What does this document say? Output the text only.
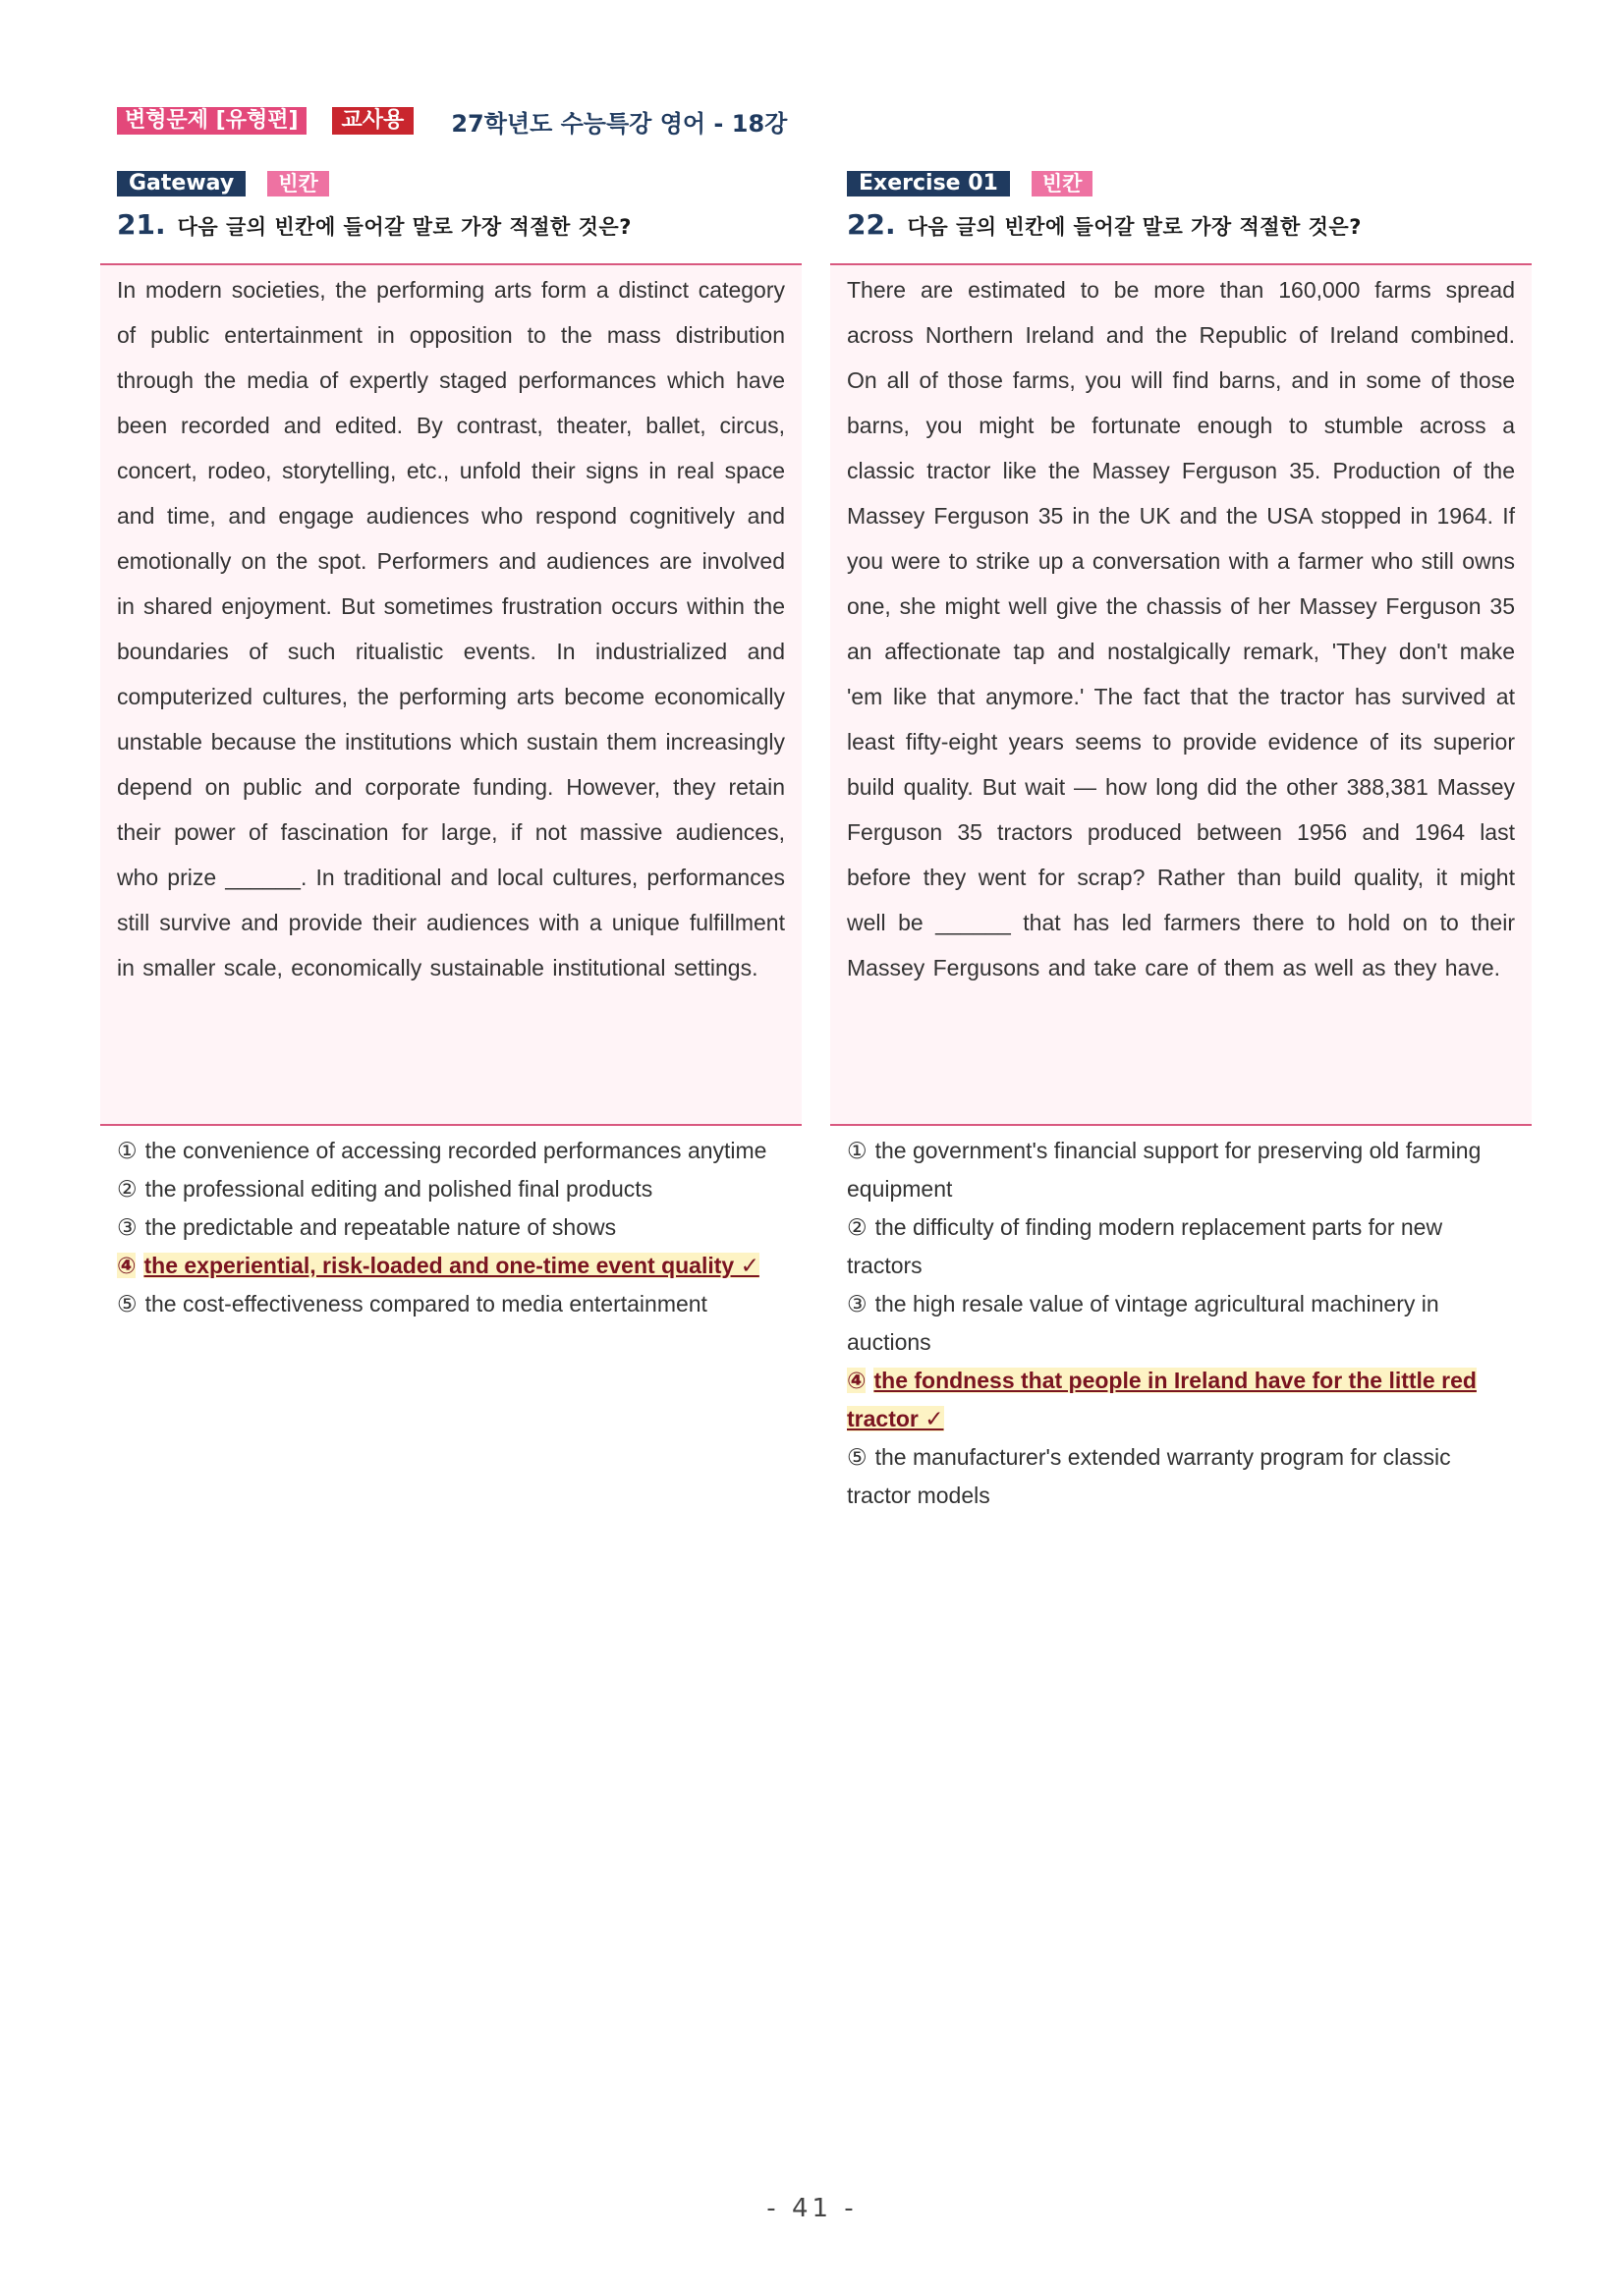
변형문제 [유형편]	교사용	27학년도 수능특강 영어 - 18강
Gateway	빈칸
21. 다음 글의 빈칸에 들어갈 말로 가장 적절한 것은?

In modern societies, the performing arts form a distinct category of public entertainment in opposition to the mass distribution through the media of expertly staged performances which have been recorded and edited. By contrast, theater, ballet, circus, concert, rodeo, storytelling, etc., unfold their signs in real space and time, and engage audiences who respond cognitively and emotionally on the spot. Performers and audiences are involved in shared enjoyment. But sometimes frustration occurs within the boundaries of such ritualistic events. In industrialized and computerized cultures, the performing arts become economically unstable because the institutions which sustain them increasingly depend on public and corporate funding. However, they retain their power of fascination for large, if not massive audiences, who prize ______. In traditional and local cultures, performances still survive and provide their audiences with a unique fulfillment in smaller scale, economically sustainable institutional settings.

① the convenience of accessing recorded performances anytime
② the professional editing and polished final products
③ the predictable and repeatable nature of shows
④ the experiential, risk-loaded and one-time event quality ✓
⑤ the cost-effectiveness compared to media entertainment
Exercise 01	빈칸
22. 다음 글의 빈칸에 들어갈 말로 가장 적절한 것은?

There are estimated to be more than 160,000 farms spread across Northern Ireland and the Republic of Ireland combined. On all of those farms, you will find barns, and in some of those barns, you might be fortunate enough to stumble across a classic tractor like the Massey Ferguson 35. Production of the Massey Ferguson 35 in the UK and the USA stopped in 1964. If you were to strike up a conversation with a farmer who still owns one, she might well give the chassis of her Massey Ferguson 35 an affectionate tap and nostalgically remark, 'They don't make 'em like that anymore.' The fact that the tractor has survived at least fifty-eight years seems to provide evidence of its superior build quality. But wait — how long did the other 388,381 Massey Ferguson 35 tractors produced between 1956 and 1964 last before they went for scrap? Rather than build quality, it might well be ______ that has led farmers there to hold on to their Massey Fergusons and take care of them as well as they have.

① the government's financial support for preserving old farming equipment
② the difficulty of finding modern replacement parts for new tractors
③ the high resale value of vintage agricultural machinery in auctions
④ the fondness that people in Ireland have for the little red tractor ✓
⑤ the manufacturer's extended warranty program for classic tractor models
- 41 -
